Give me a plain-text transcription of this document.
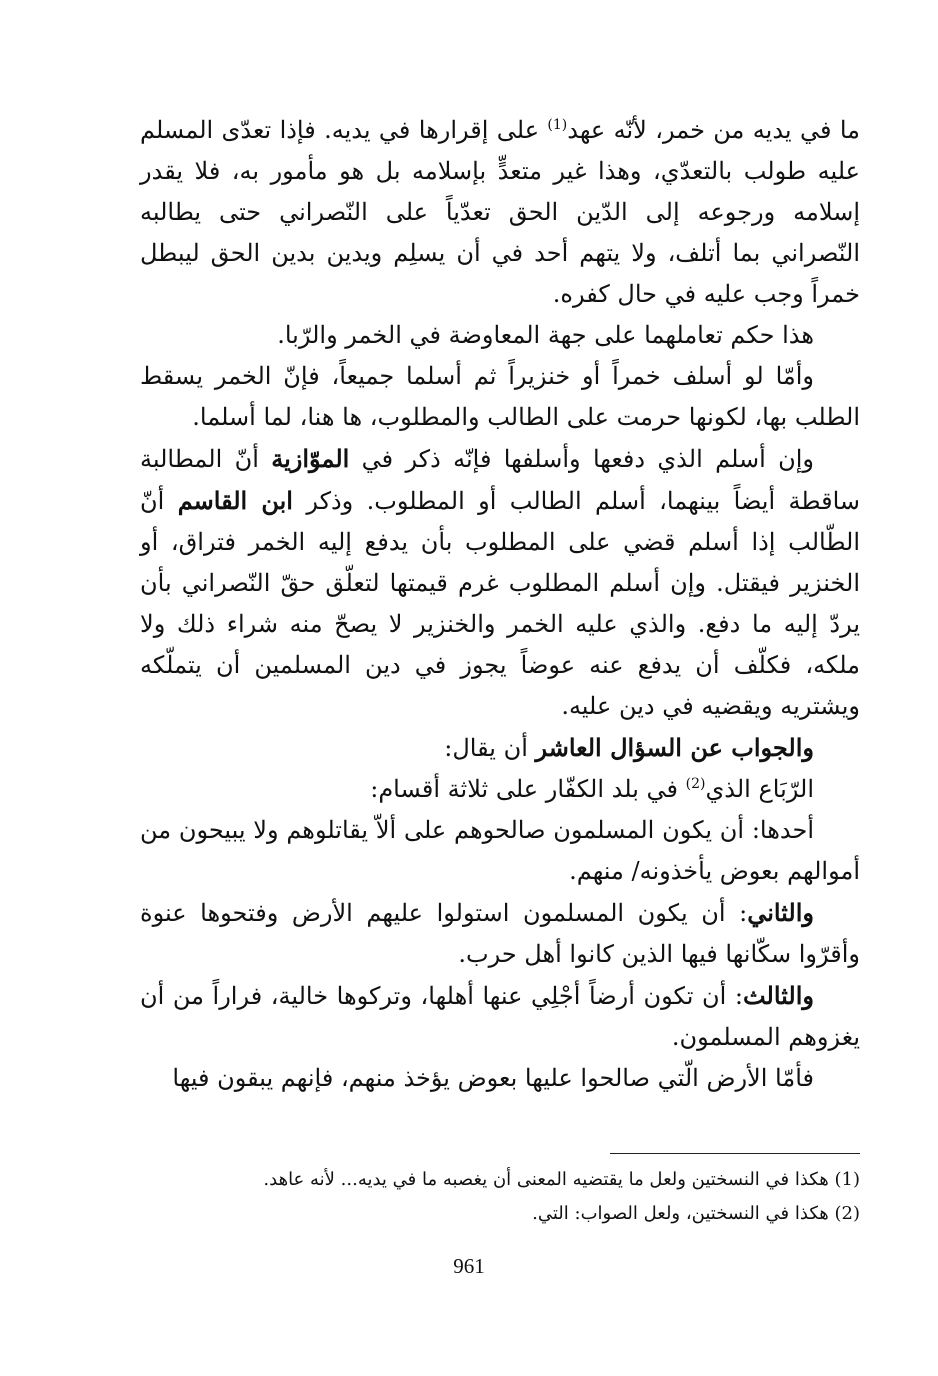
ما في يديه من خمر، لأنّه عهد$^{(1)}$ على إقرارها في يديه. فإذا تعدّى المسلم عليه طولب بالتعدّي، وهذا غير متعدٍّ بإسلامه بل هو مأمور به، فلا يقدر إسلامه ورجوعه إلى الدّين الحق تعدّياً على النّصراني حتى يطالبه النّصراني بما أتلف، ولا يتهم أحد في أن يسلِم ويدين بدين الحق ليبطل خمراً وجب عليه في حال كفره.

هذا حكم تعاملهما على جهة المعاوضة في الخمر والرّبا.

وأمّا لو أسلف خمراً أو خنزيراً ثم أسلما جميعاً، فإنّ الخمر يسقط الطلب بها، لكونها حرمت على الطالب والمطلوب، ها هنا، لما أسلما.

وإن أسلم الذي دفعها وأسلفها فإنّه ذكر في الموّازية أنّ المطالبة ساقطة أيضاً بينهما، أسلم الطالب أو المطلوب. وذكر ابن القاسم أنّ الطّالب إذا أسلم قضي على المطلوب بأن يدفع إليه الخمر فتراق، أو الخنزير فيقتل. وإن أسلم المطلوب غرم قيمتها لتعلّق حقّ النّصراني بأن يردّ إليه ما دفع. والذي عليه الخمر والخنزير لا يصحّ منه شراء ذلك ولا ملكه، فكلّف أن يدفع عنه عوضاً يجوز في دين المسلمين أن يتملّكه ويشتريه ويقضيه في دين عليه.

والجواب عن السؤال العاشر أن يقال:

الرّبَاع الذي$^{(2)}$ في بلد الكفّار على ثلاثة أقسام:

أحدها: أن يكون المسلمون صالحوهم على ألاّ يقاتلوهم ولا يبيحون من أموالهم بعوض يأخذونه/ منهم.

والثاني: أن يكون المسلمون استولوا عليهم الأرض وفتحوها عنوة وأقرّوا سكّانها فيها الذين كانوا أهل حرب.

والثالث: أن تكون أرضاً أجْلِي عنها أهلها، وتركوها خالية، فراراً من أن يغزوهم المسلمون.

فأمّا الأرض الّتي صالحوا عليها بعوض يؤخذ منهم، فإنهم يبقون فيها

(1) هكذا في النسختين ولعل ما يقتضيه المعنى أن يغصبه ما في يديه... لأنه عاهد.

(2) هكذا في النسختين، ولعل الصواب: التي.

961
